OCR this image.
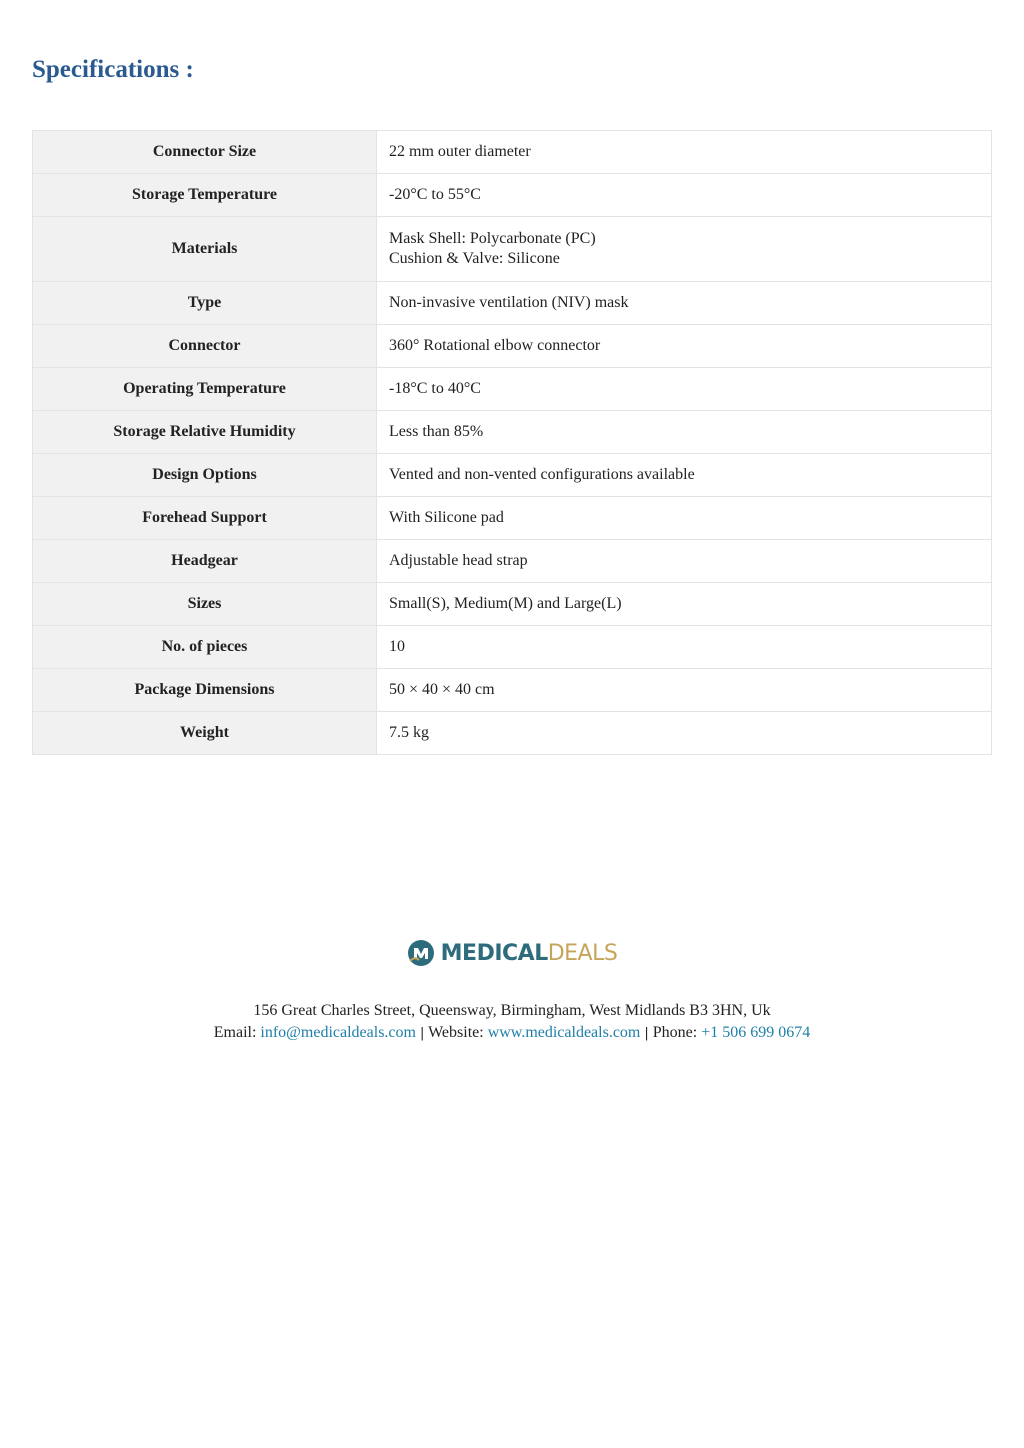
Specifications :
Connector Size	22 mm outer diameter
Storage Temperature	-20°C to 55°C
Materials	Mask Shell: Polycarbonate (PC)
Cushion & Valve: Silicone

Type	Non-invasive ventilation (NIV) mask
Connector	360° Rotational elbow connector
Operating Temperature	-18°C to 40°C
Storage Relative Humidity	Less than 85%
Design Options	Vented and non-vented configurations available
Forehead Support	With Silicone pad
Headgear	Adjustable head strap
Sizes	Small(S), Medium(M) and Large(L)
No. of pieces	10
Package Dimensions	50 × 40 × 40 cm
Weight	7.5 kg
MEDICALDEALS
156 Great Charles Street, Queensway, Birmingham, West Midlands B3 3HN, Uk
Email: info@medicaldeals.com | Website: www.medicaldeals.com | Phone: +1 506 699 0674
